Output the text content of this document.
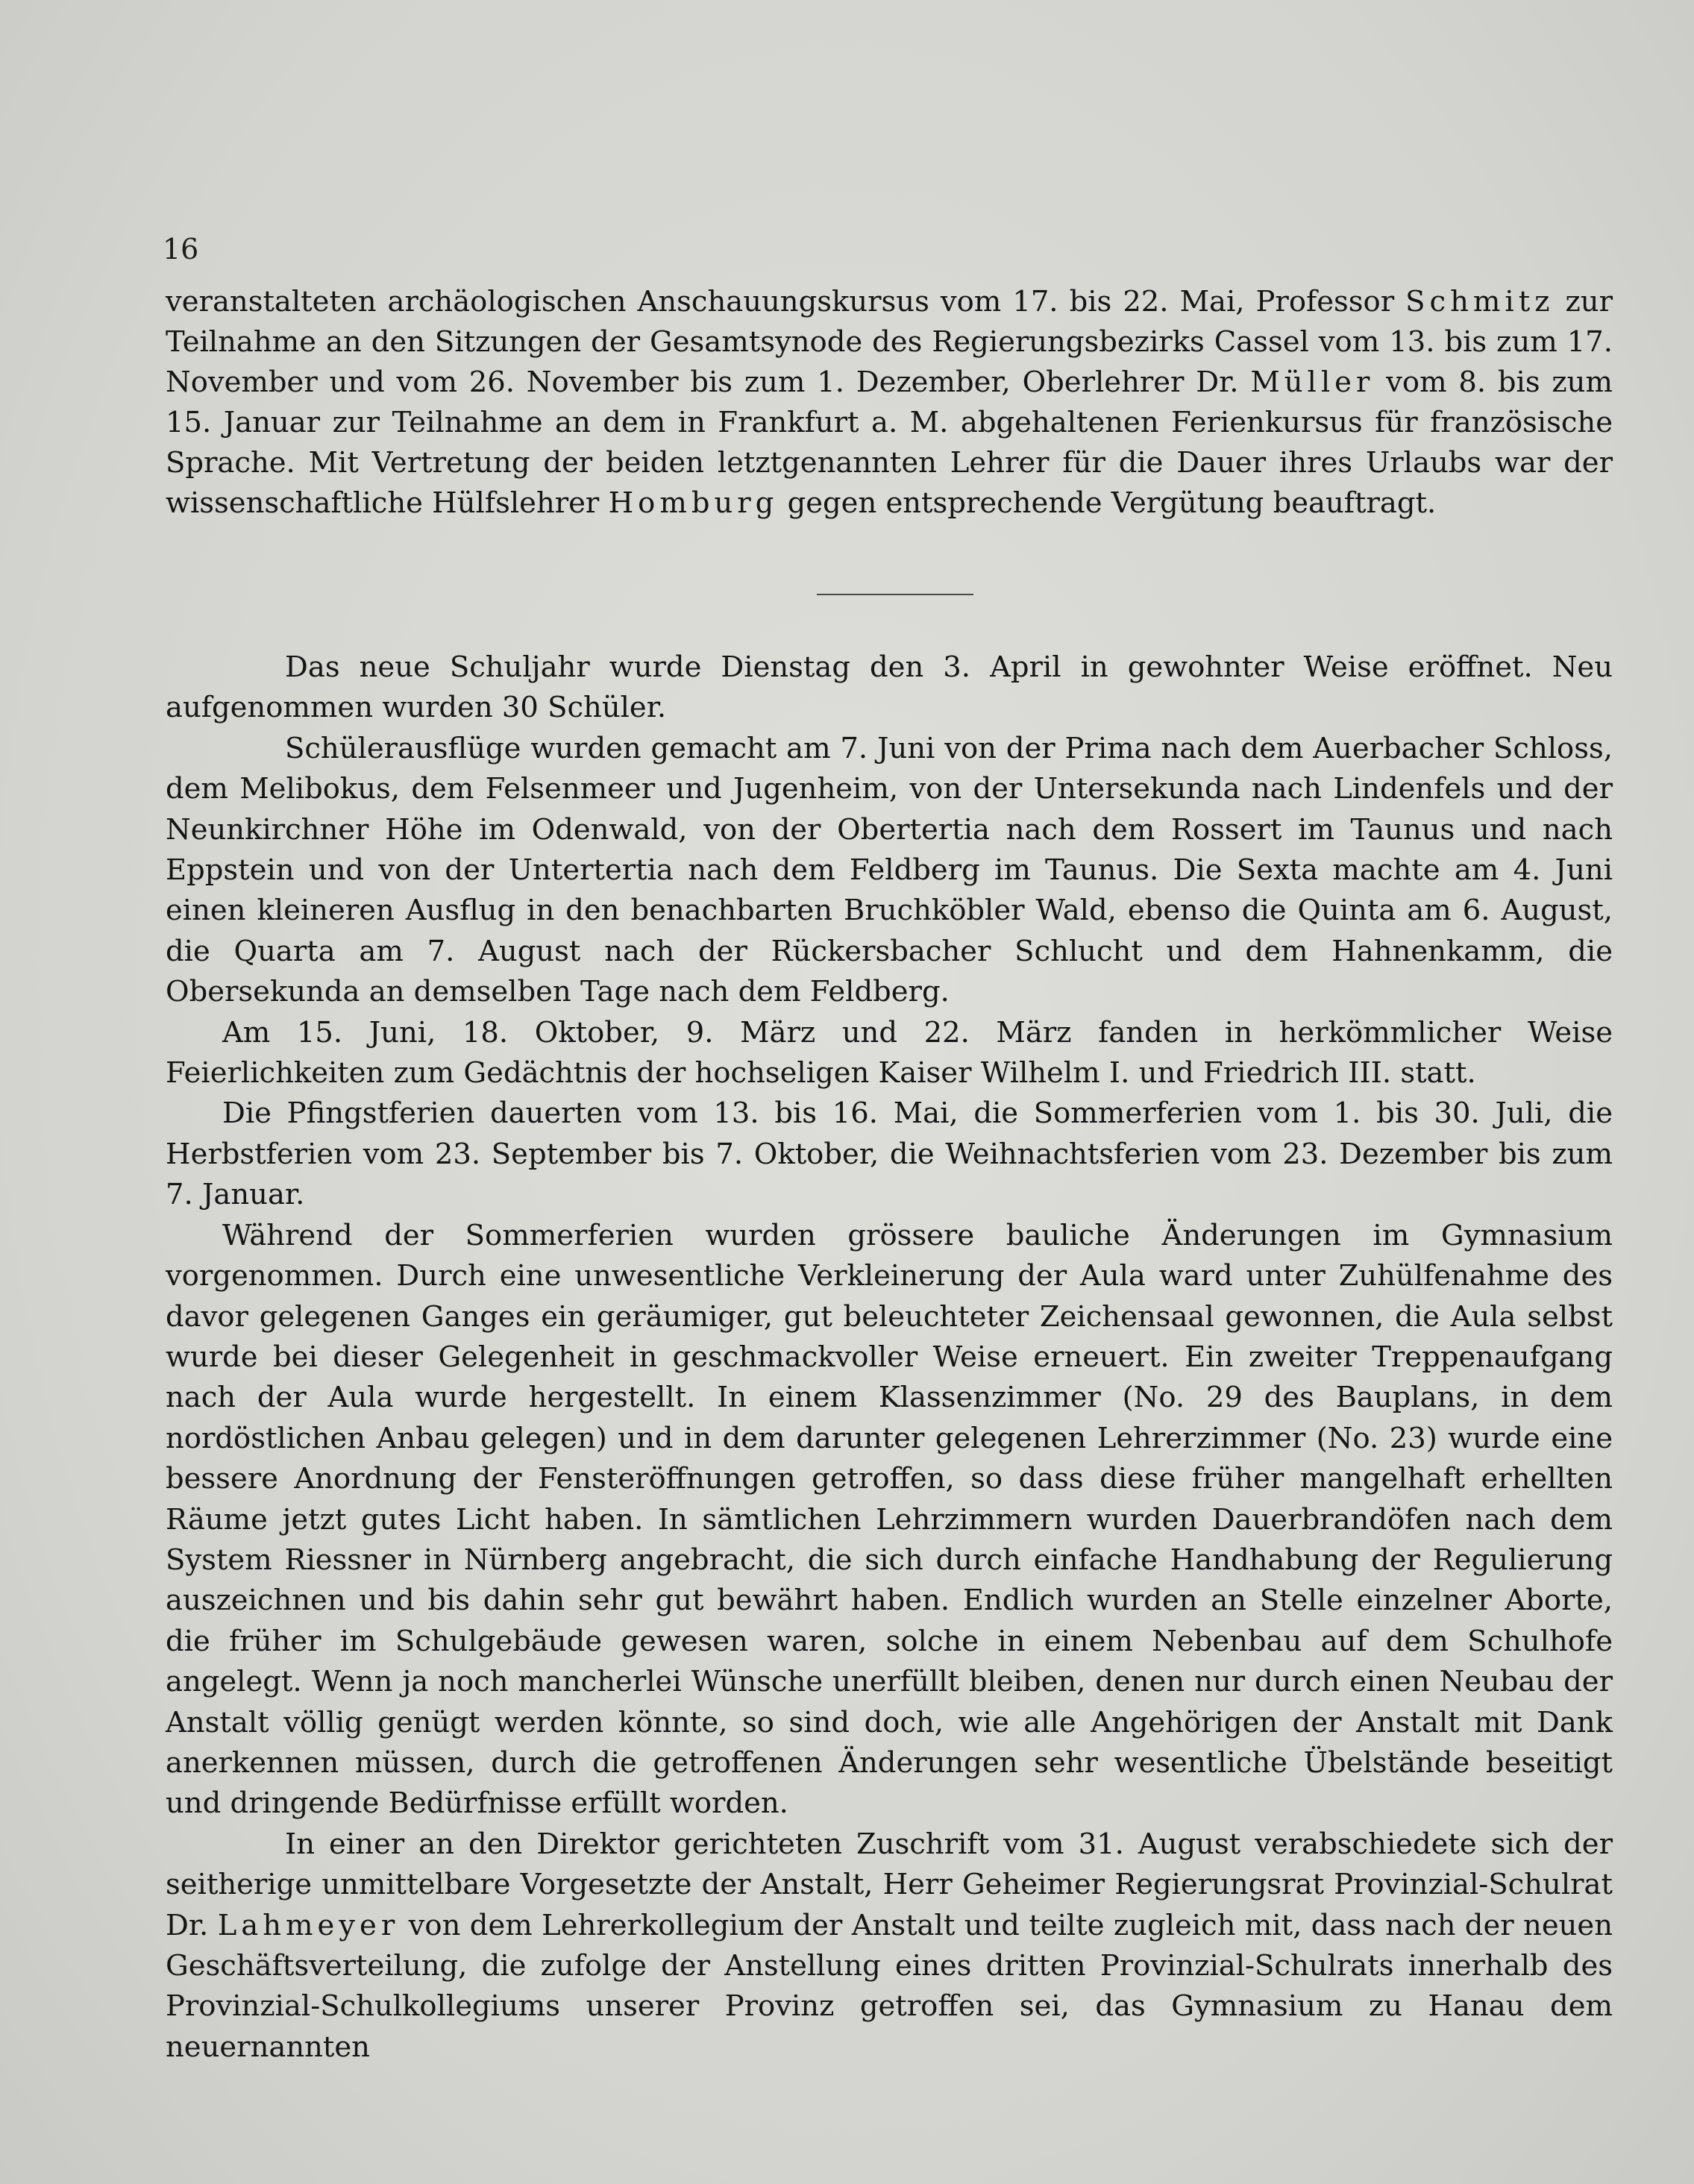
16

veranstalteten archäologischen Anschauungskursus vom 17. bis 22. Mai, Professor Schmitz zur Teilnahme an den Sitzungen der Gesamtsynode des Regierungsbezirks Cassel vom 13. bis zum 17. November und vom 26. November bis zum 1. Dezember, Oberlehrer Dr. Müller vom 8. bis zum 15. Januar zur Teilnahme an dem in Frankfurt a. M. abgehaltenen Ferienkursus für französische Sprache. Mit Vertretung der beiden letztgenannten Lehrer für die Dauer ihres Urlaubs war der wissenschaftliche Hülfslehrer Homburg gegen entsprechende Vergütung beauftragt.

Das neue Schuljahr wurde Dienstag den 3. April in gewohnter Weise eröffnet. Neu aufgenommen wurden 30 Schüler.

Schülerausflüge wurden gemacht am 7. Juni von der Prima nach dem Auerbacher Schloss, dem Melibokus, dem Felsenmeer und Jugenheim, von der Untersekunda nach Lindenfels und der Neunkirchner Höhe im Odenwald, von der Obertertia nach dem Rossert im Taunus und nach Eppstein und von der Untertertia nach dem Feldberg im Taunus. Die Sexta machte am 4. Juni einen kleineren Ausflug in den benachbarten Bruchköbler Wald, ebenso die Quinta am 6. August, die Quarta am 7. August nach der Rückersbacher Schlucht und dem Hahnenkamm, die Obersekunda an demselben Tage nach dem Feldberg.

Am 15. Juni, 18. Oktober, 9. März und 22. März fanden in herkömmlicher Weise Feierlichkeiten zum Gedächtnis der hochseligen Kaiser Wilhelm I. und Friedrich III. statt.

Die Pfingstferien dauerten vom 13. bis 16. Mai, die Sommerferien vom 1. bis 30. Juli, die Herbstferien vom 23. September bis 7. Oktober, die Weihnachtsferien vom 23. Dezember bis zum 7. Januar.

Während der Sommerferien wurden grössere bauliche Änderungen im Gymnasium vorgenommen. Durch eine unwesentliche Verkleinerung der Aula ward unter Zuhülfenahme des davor gelegenen Ganges ein geräumiger, gut beleuchteter Zeichensaal gewonnen, die Aula selbst wurde bei dieser Gelegenheit in geschmackvoller Weise erneuert. Ein zweiter Treppenaufgang nach der Aula wurde hergestellt. In einem Klassenzimmer (No. 29 des Bauplans, in dem nordöstlichen Anbau gelegen) und in dem darunter gelegenen Lehrerzimmer (No. 23) wurde eine bessere Anordnung der Fensteröffnungen getroffen, so dass diese früher mangelhaft erhellten Räume jetzt gutes Licht haben. In sämtlichen Lehrzimmern wurden Dauerbrandöfen nach dem System Riessner in Nürnberg angebracht, die sich durch einfache Handhabung der Regulierung auszeichnen und bis dahin sehr gut bewährt haben. Endlich wurden an Stelle einzelner Aborte, die früher im Schulgebäude gewesen waren, solche in einem Nebenbau auf dem Schulhofe angelegt. Wenn ja noch mancherlei Wünsche unerfüllt bleiben, denen nur durch einen Neubau der Anstalt völlig genügt werden könnte, so sind doch, wie alle Angehörigen der Anstalt mit Dank anerkennen müssen, durch die getroffenen Änderungen sehr wesentliche Übelstände beseitigt und dringende Bedürfnisse erfüllt worden.

In einer an den Direktor gerichteten Zuschrift vom 31. August verabschiedete sich der seitherige unmittelbare Vorgesetzte der Anstalt, Herr Geheimer Regierungsrat Provinzial-Schulrat Dr. Lahmeyer von dem Lehrerkollegium der Anstalt und teilte zugleich mit, dass nach der neuen Geschäftsverteilung, die zufolge der Anstellung eines dritten Provinzial-Schulrats innerhalb des Provinzial-Schulkollegiums unserer Provinz getroffen sei, das Gymnasium zu Hanau dem neuernannten
